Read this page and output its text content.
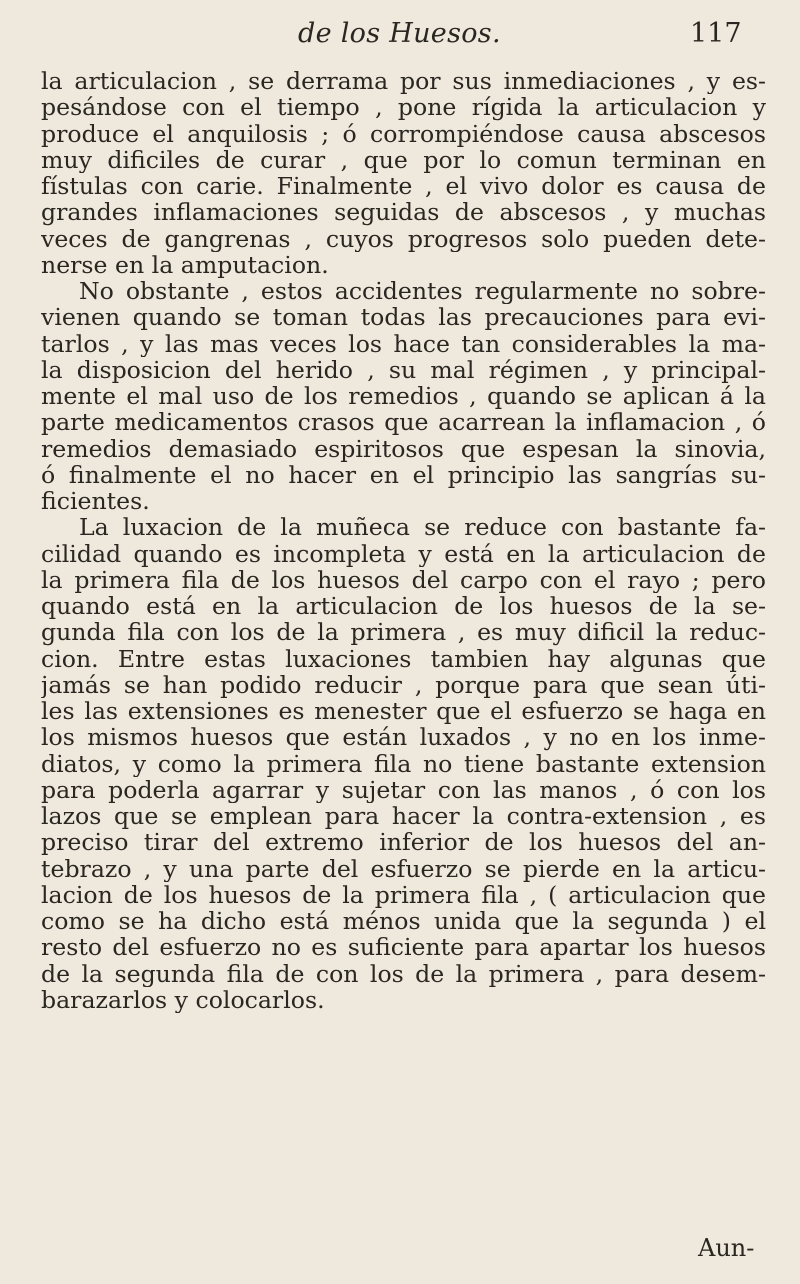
de los Huesos.	117
la articulacion , se derrama por sus inmediaciones , y es-
pesándose con el tiempo , pone rígida la articulacion y
produce el anquilosis ; ó corrompiéndose causa abscesos
muy dificiles de curar , que por lo comun terminan en
fístulas con carie. Finalmente , el vivo dolor es causa de
grandes inflamaciones seguidas de abscesos , y muchas
veces de gangrenas , cuyos progresos solo pueden dete-
nerse en la amputacion.
No obstante , estos accidentes regularmente no sobre-
vienen quando se toman todas las precauciones para evi-
tarlos , y las mas veces los hace tan considerables la ma-
la disposicion del herido , su mal régimen , y principal-
mente el mal uso de los remedios , quando se aplican á la
parte medicamentos crasos que acarrean la inflamacion , ó
remedios demasiado espiritosos que espesan la sinovia,
ó finalmente el no hacer en el principio las sangrías su-
ficientes.
La luxacion de la muñeca se reduce con bastante fa-
cilidad quando es incompleta y está en la articulacion de
la primera fila de los huesos del carpo con el rayo ; pero
quando está en la articulacion de los huesos de la se-
gunda fila con los de la primera , es muy dificil la reduc-
cion. Entre estas luxaciones tambien hay algunas que
jamás se han podido reducir , porque para que sean úti-
les las extensiones es menester que el esfuerzo se haga en
los mismos huesos que están luxados , y no en los inme-
diatos, y como la primera fila no tiene bastante extension
para poderla agarrar y sujetar con las manos , ó con los
lazos que se emplean para hacer la contra-extension , es
preciso tirar del extremo inferior de los huesos del an-
tebrazo , y una parte del esfuerzo se pierde en la articu-
lacion de los huesos de la primera fila , ( articulacion que
como se ha dicho está ménos unida que la segunda ) el
resto del esfuerzo no es suficiente para apartar los huesos
de la segunda fila de con los de la primera , para desem-
barazarlos y colocarlos.
Aun-
